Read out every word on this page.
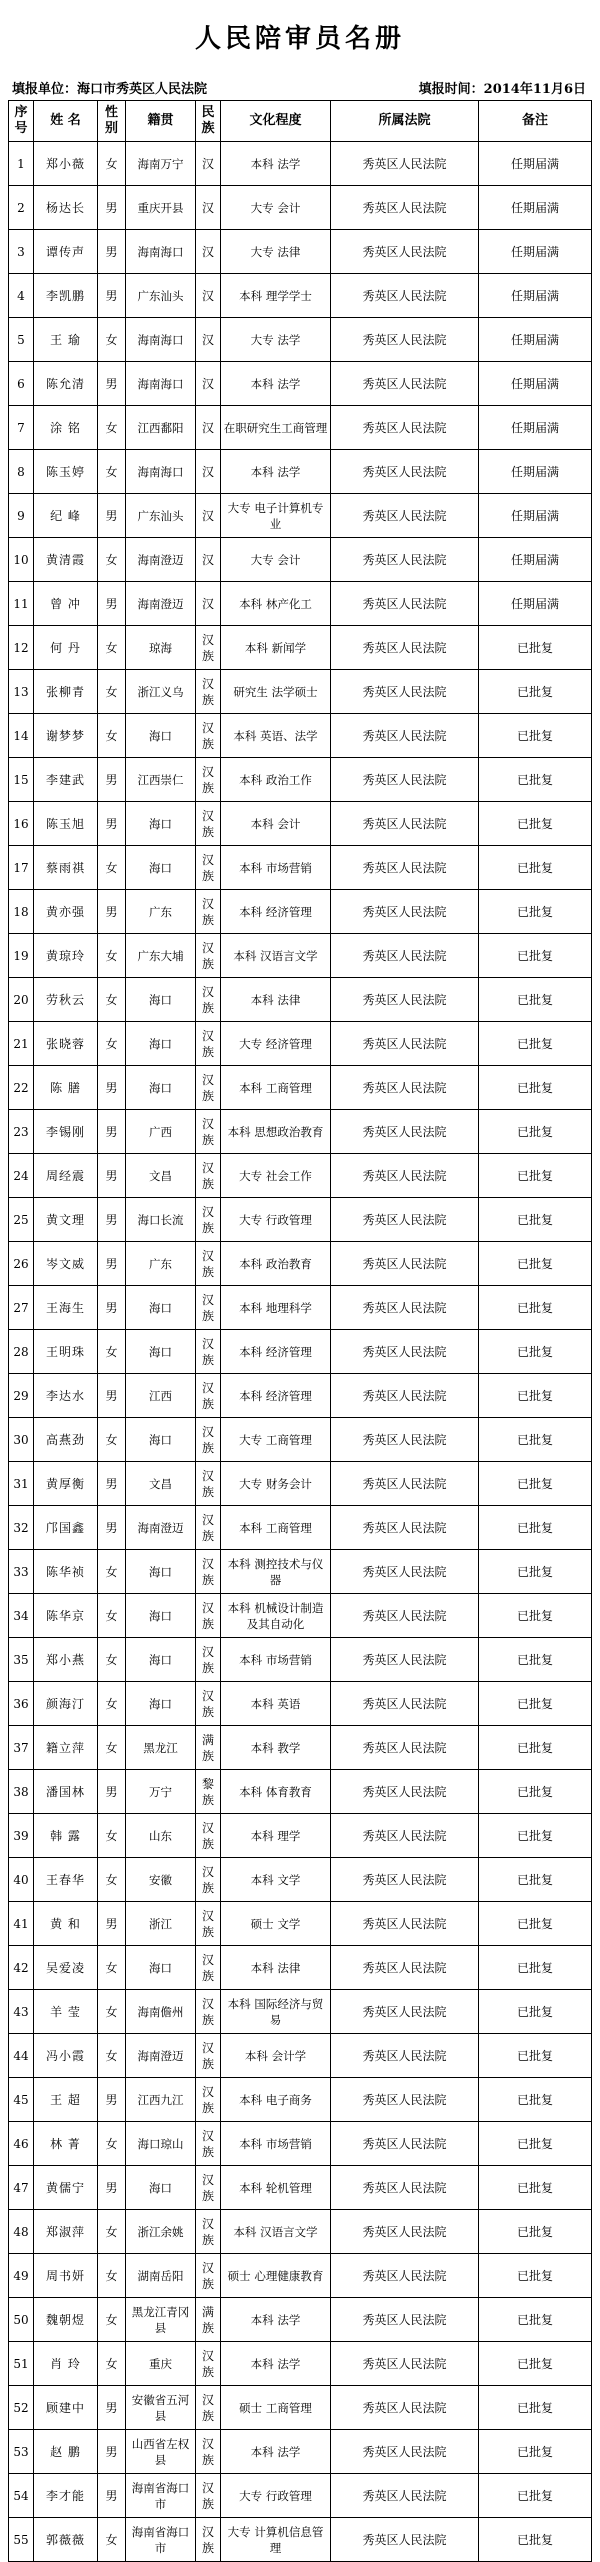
人民陪审员名册
填报单位：海口市秀英区人民法院	填报时间：2014年11月6日
序号	姓 名	性别	籍贯	民族	文化程度	所属法院	备注
1	郑小薇	女	海南万宁	汉	本科 法学	秀英区人民法院	任期届满
2	杨达长	男	重庆开县	汉	大专 会计	秀英区人民法院	任期届满
3	谭传声	男	海南海口	汉	大专 法律	秀英区人民法院	任期届满
4	李凯鹏	男	广东汕头	汉	本科 理学学士	秀英区人民法院	任期届满
5	王 瑜	女	海南海口	汉	大专 法学	秀英区人民法院	任期届满
6	陈允清	男	海南海口	汉	本科 法学	秀英区人民法院	任期届满
7	涂 铭	女	江西鄱阳	汉	在职研究生工商管理	秀英区人民法院	任期届满
8	陈玉婷	女	海南海口	汉	本科 法学	秀英区人民法院	任期届满
9	纪 峰	男	广东汕头	汉	大专 电子计算机专业	秀英区人民法院	任期届满
10	黄清霞	女	海南澄迈	汉	大专 会计	秀英区人民法院	任期届满
11	曾 冲	男	海南澄迈	汉	本科 林产化工	秀英区人民法院	任期届满
12	何 丹	女	琼海	汉族	本科 新闻学	秀英区人民法院	已批复
13	张柳青	女	浙江义乌	汉族	研究生 法学硕士	秀英区人民法院	已批复
14	谢梦梦	女	海口	汉族	本科 英语、法学	秀英区人民法院	已批复
15	李建武	男	江西崇仁	汉族	本科 政治工作	秀英区人民法院	已批复
16	陈玉旭	男	海口	汉族	本科 会计	秀英区人民法院	已批复
17	蔡雨祺	女	海口	汉族	本科 市场营销	秀英区人民法院	已批复
18	黄亦强	男	广东	汉族	本科 经济管理	秀英区人民法院	已批复
19	黄琼玲	女	广东大埔	汉族	本科 汉语言文学	秀英区人民法院	已批复
20	劳秋云	女	海口	汉族	本科 法律	秀英区人民法院	已批复
21	张晓蓉	女	海口	汉族	大专 经济管理	秀英区人民法院	已批复
22	陈 膳	男	海口	汉族	本科 工商管理	秀英区人民法院	已批复
23	李锡刚	男	广西	汉族	本科 思想政治教育	秀英区人民法院	已批复
24	周经震	男	文昌	汉族	大专 社会工作	秀英区人民法院	已批复
25	黄文理	男	海口长流	汉族	大专 行政管理	秀英区人民法院	已批复
26	岑文威	男	广东	汉族	本科 政治教育	秀英区人民法院	已批复
27	王海生	男	海口	汉族	本科 地理科学	秀英区人民法院	已批复
28	王明珠	女	海口	汉族	本科 经济管理	秀英区人民法院	已批复
29	李达水	男	江西	汉族	本科 经济管理	秀英区人民法院	已批复
30	高燕劲	女	海口	汉族	大专 工商管理	秀英区人民法院	已批复
31	黄厚衡	男	文昌	汉族	大专 财务会计	秀英区人民法院	已批复
32	邝国鑫	男	海南澄迈	汉族	本科 工商管理	秀英区人民法院	已批复
33	陈华祯	女	海口	汉族	本科 测控技术与仪器	秀英区人民法院	已批复
34	陈华京	女	海口	汉族	本科 机械设计制造及其自动化	秀英区人民法院	已批复
35	郑小燕	女	海口	汉族	本科 市场营销	秀英区人民法院	已批复
36	颜海汀	女	海口	汉族	本科 英语	秀英区人民法院	已批复
37	籍立萍	女	黑龙江	满族	本科 教学	秀英区人民法院	已批复
38	潘国林	男	万宁	黎族	本科 体育教育	秀英区人民法院	已批复
39	韩 露	女	山东	汉族	本科 理学	秀英区人民法院	已批复
40	王春华	女	安徽	汉族	本科 文学	秀英区人民法院	已批复
41	黄 和	男	浙江	汉族	硕士 文学	秀英区人民法院	已批复
42	吴爱凌	女	海口	汉族	本科 法律	秀英区人民法院	已批复
43	羊 莹	女	海南儋州	汉族	本科 国际经济与贸易	秀英区人民法院	已批复
44	冯小霞	女	海南澄迈	汉族	本科 会计学	秀英区人民法院	已批复
45	王 超	男	江西九江	汉族	本科 电子商务	秀英区人民法院	已批复
46	林 菁	女	海口琼山	汉族	本科 市场营销	秀英区人民法院	已批复
47	黄儒宁	男	海口	汉族	本科 轮机管理	秀英区人民法院	已批复
48	郑淑萍	女	浙江余姚	汉族	本科 汉语言文学	秀英区人民法院	已批复
49	周书妍	女	湖南岳阳	汉族	硕士 心理健康教育	秀英区人民法院	已批复
50	魏朝煜	女	黑龙江青冈县	满族	本科 法学	秀英区人民法院	已批复
51	肖 玲	女	重庆	汉族	本科 法学	秀英区人民法院	已批复
52	顾建中	男	安徽省五河县	汉族	硕士 工商管理	秀英区人民法院	已批复
53	赵 鹏	男	山西省左权县	汉族	本科 法学	秀英区人民法院	已批复
54	李才能	男	海南省海口市	汉族	大专 行政管理	秀英区人民法院	已批复
55	郭薇薇	女	海南省海口市	汉族	大专 计算机信息管理	秀英区人民法院	已批复
